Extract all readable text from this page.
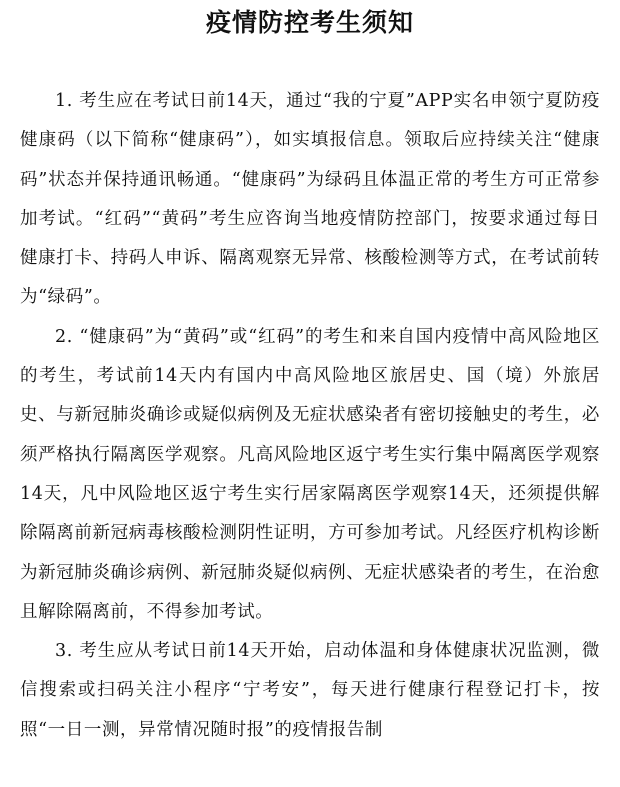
疫情防控考生须知

1. 考生应在考试日前14天，通过“我的宁夏”APP实名申领宁夏防疫健康码（以下简称“健康码”），如实填报信息。领取后应持续关注“健康码”状态并保持通讯畅通。“健康码”为绿码且体温正常的考生方可正常参加考试。“红码”“黄码”考生应咨询当地疫情防控部门，按要求通过每日健康打卡、持码人申诉、隔离观察无异常、核酸检测等方式，在考试前转为“绿码”。

2. “健康码”为“黄码”或“红码”的考生和来自国内疫情中高风险地区的考生，考试前14天内有国内中高风险地区旅居史、国（境）外旅居史、与新冠肺炎确诊或疑似病例及无症状感染者有密切接触史的考生，必须严格执行隔离医学观察。凡高风险地区返宁考生实行集中隔离医学观察14天，凡中风险地区返宁考生实行居家隔离医学观察14天，还须提供解除隔离前新冠病毒核酸检测阴性证明，方可参加考试。凡经医疗机构诊断为新冠肺炎确诊病例、新冠肺炎疑似病例、无症状感染者的考生，在治愈且解除隔离前，不得参加考试。

3. 考生应从考试日前14天开始，启动体温和身体健康状况监测，微信搜索或扫码关注小程序“宁考安”，每天进行健康行程登记打卡，按照“一日一测，异常情况随时报”的疫情报告制
